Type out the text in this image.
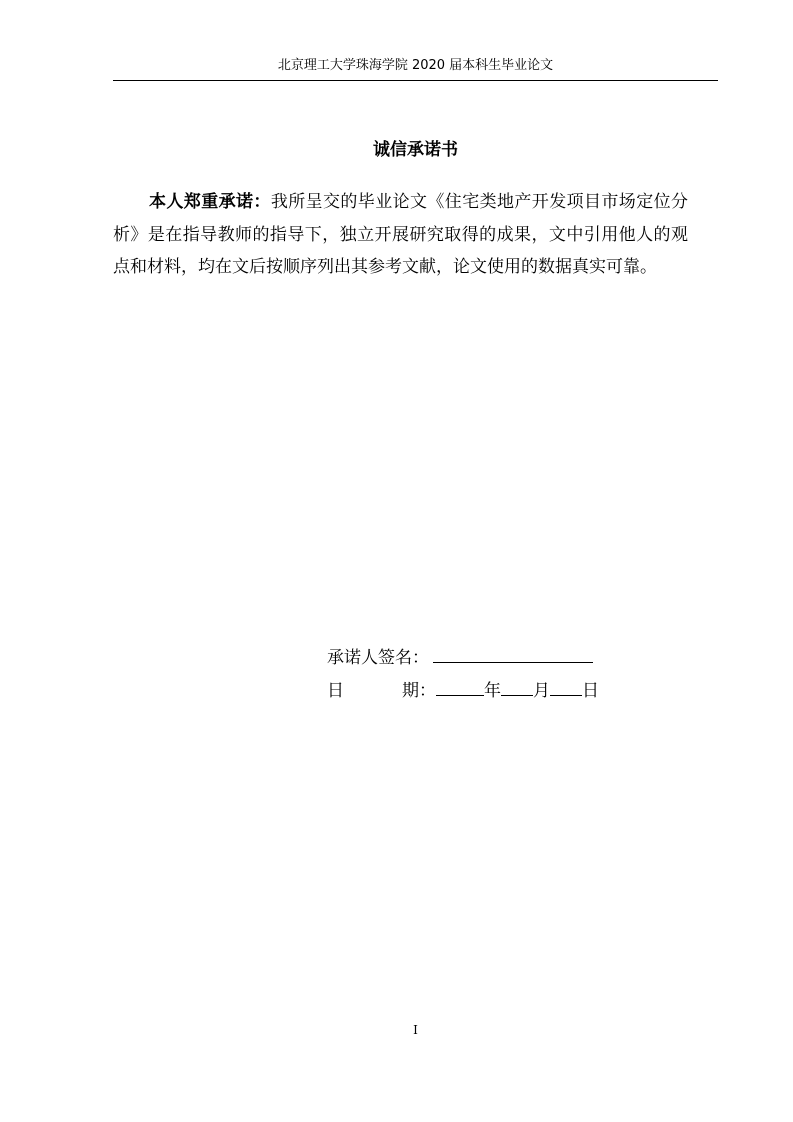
北京理工大学珠海学院 2020 届本科生毕业论文
诚信承诺书

本人郑重承诺：我所呈交的毕业论文《住宅类地产开发项目市场定位分析》是在指导教师的指导下，独立开展研究取得的成果，文中引用他人的观点和材料，均在文后按顺序列出其参考文献，论文使用的数据真实可靠。

承诺人签名：
日	期：	年 月 日
I
